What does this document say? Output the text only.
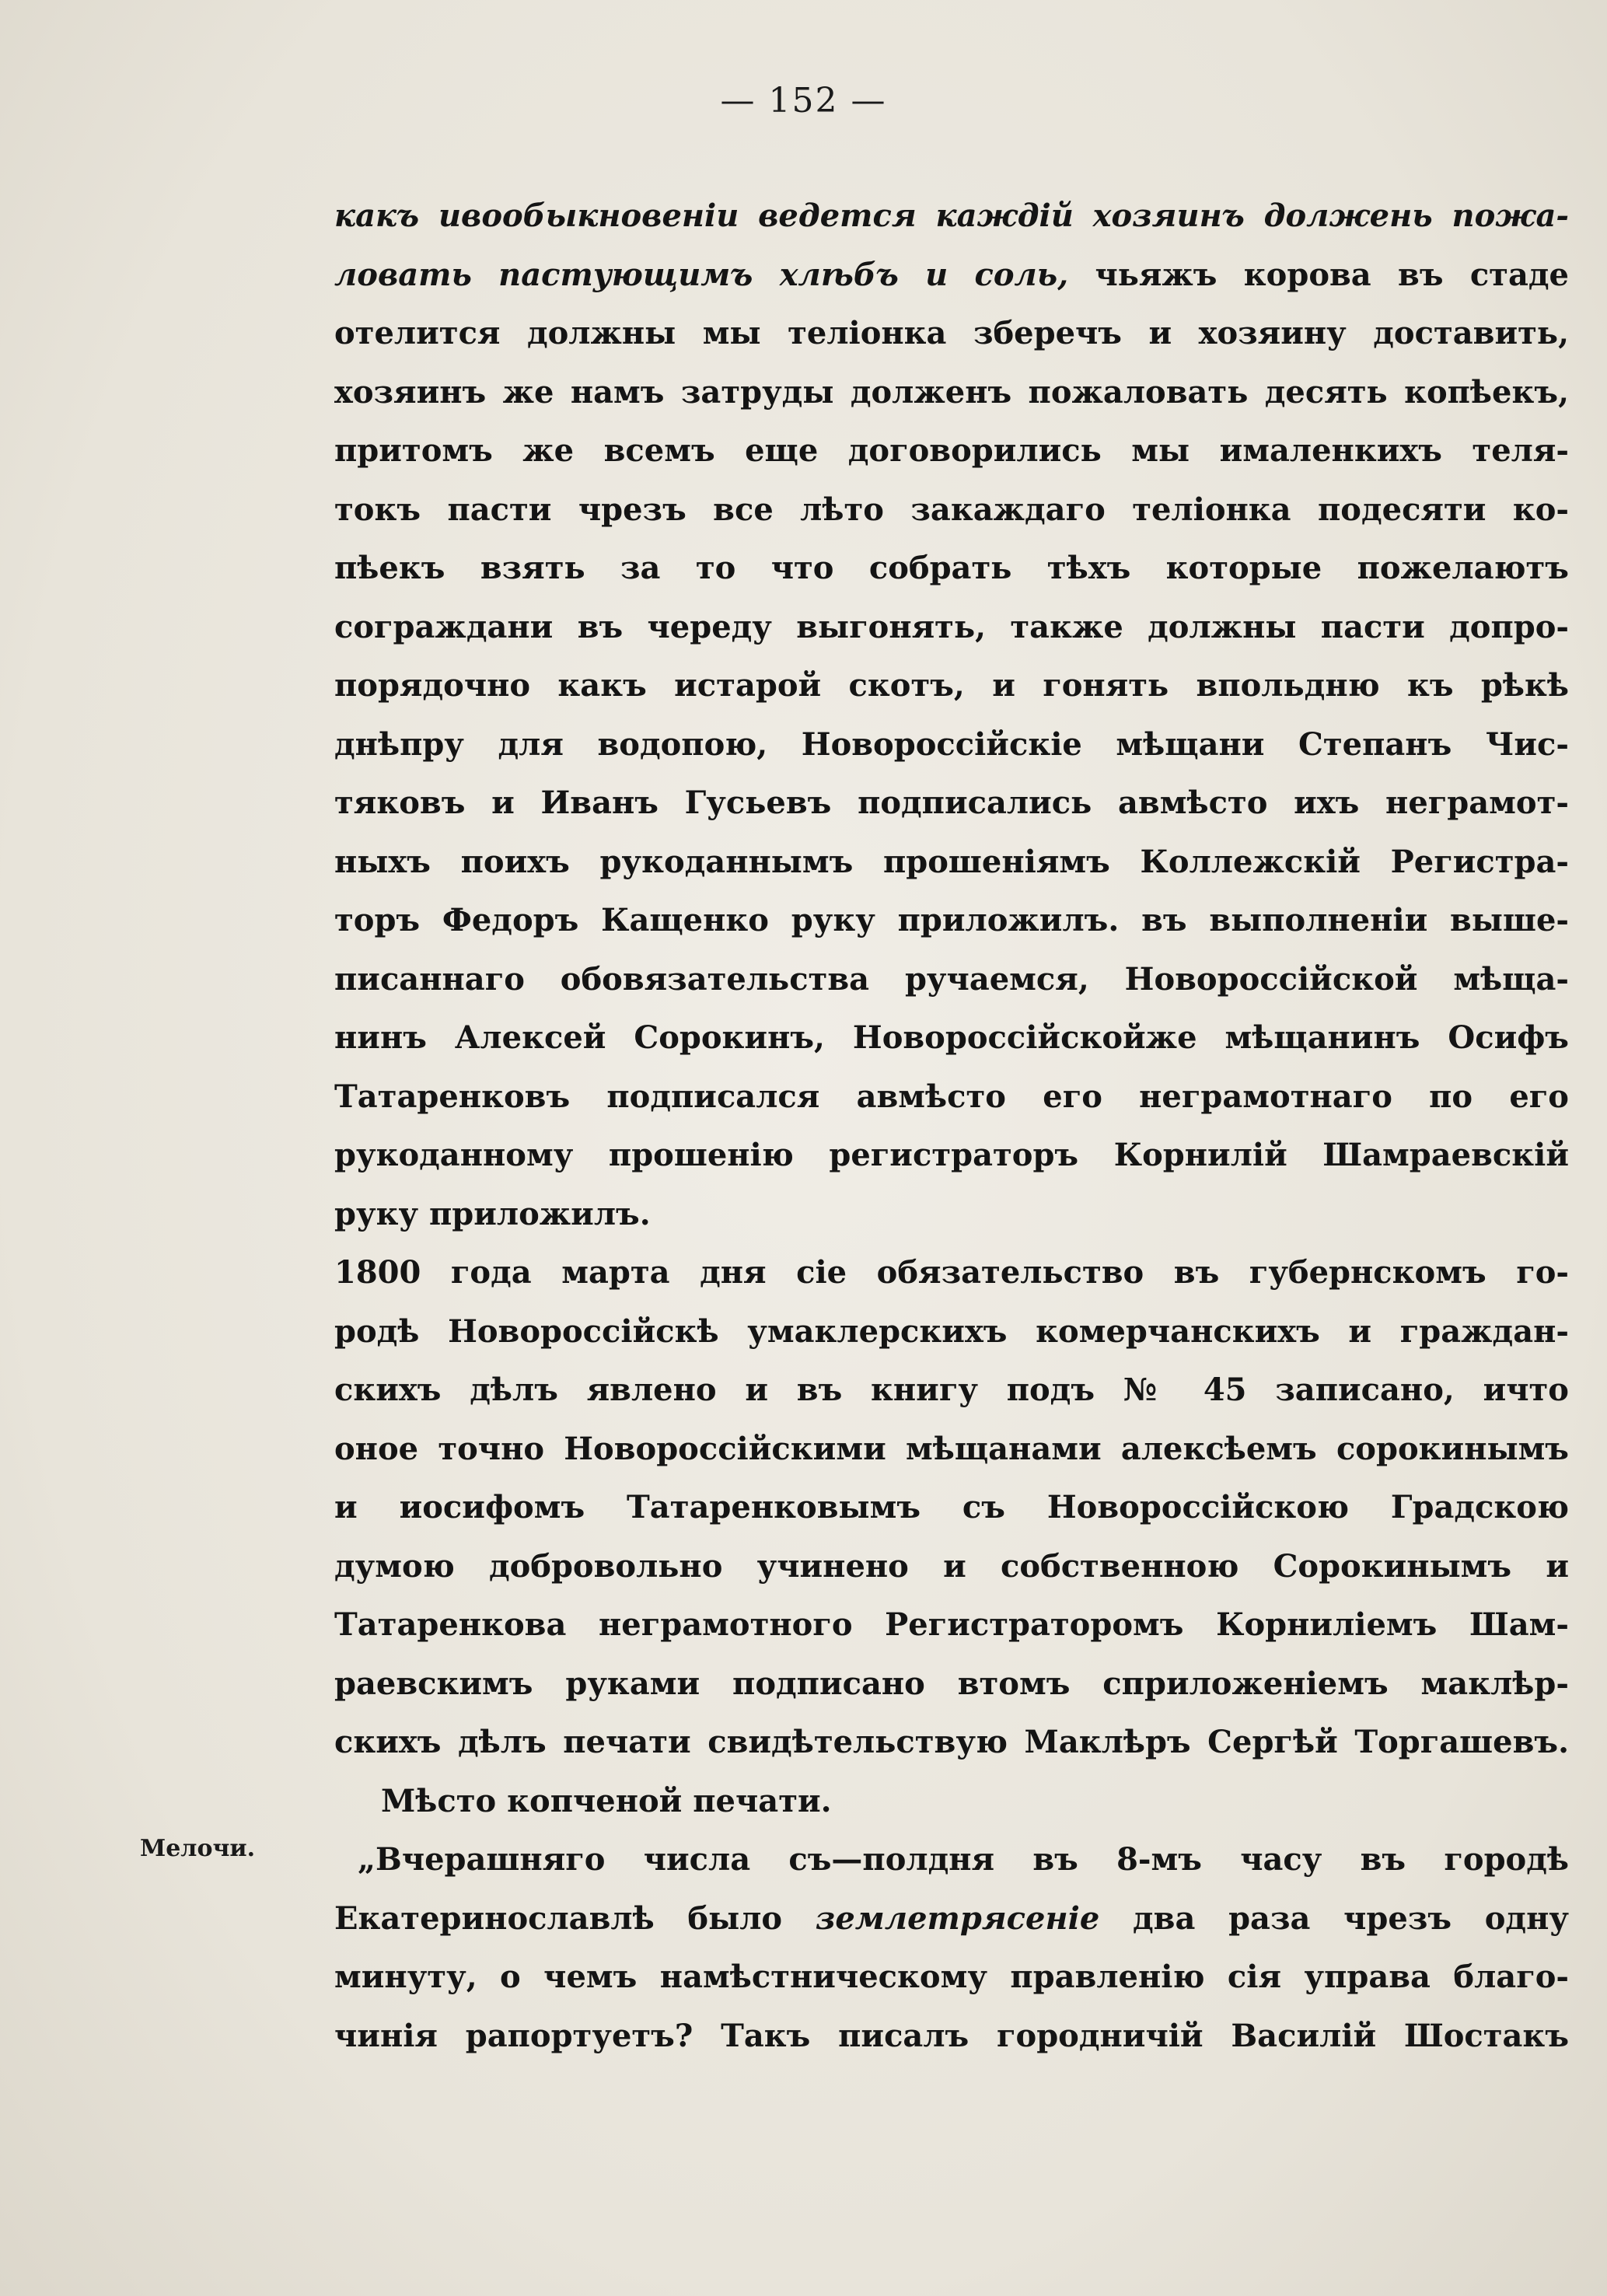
— 152 —
Мелочи.
какъ ивообыкновеніи ведется каждій хозяинъ должень пожа-
ловать пастующимъ хлѣбъ и соль, чьяжъ корова въ стаде
отелится должны мы теліонка збеpечъ и хозяину доставить,
хозяинъ же намъ затруды долженъ пожаловать десять копѣекъ,
притомъ же всемъ еще договорились мы ималенкихъ теля-
токъ пасти чрезъ все лѣто закаждаго теліонка подесяти ко-
пѣекъ взять за то что собрать тѣхъ которые пожелаютъ
сограждани въ череду выгонять, также должны пасти допро-
порядочно какъ истарой скотъ, и гонять впольдню къ рѣкѣ
днѣпру для водопою, Новороссійскіе мѣщани Степанъ Чис-
тяковъ и Иванъ Гусьевъ подписались авмѣсто ихъ неграмот-
ныхъ поихъ рукоданнымъ прошеніямъ Коллежскій Регистра-
торъ Федоръ Кащенко руку приложилъ. въ выполнeніи выше-
писаннаго обовязательства ручаемся, Новороссійской мѣща-
нинъ Алексей Сорокинъ, Новороссійскойже мѣщанинъ Осифъ
Татаренковъ подписался авмѣсто его неграмотнаго по его
рукоданному прошенію регистраторъ Корнилій Шамраевскій
руку приложилъ.
1800 года марта дня сіе обязательство въ губернскомъ го-
родѣ Новороссійскѣ умаклерскихъ комерчанскихъ и граждан-
скихъ дѣлъ явлено и въ книгу подъ № 45 записано, ичто
оное точно Новороссійскими мѣщанами алексѣемъ сорокинымъ
и иосифомъ Татаренковымъ съ Новороссійскою Градскою
думою добровольно учинено и собственною Сорокинымъ и
Татаренкова неграмотного Регистраторомъ Корниліемъ Шам-
раевскимъ руками подписано втомъ сприложеніемъ маклѣр-
скихъ дѣлъ печати свидѣтельствую Маклѣръ Сергѣй Торгашевъ.
Мѣсто копченой печати.
„Вчерашняго числа съ—полдня въ 8-мъ часу въ городѣ
Екатеринославлѣ было землетрясеніе два раза чрезъ одну
минуту, о чемъ намѣстническому правленію сія управа благо-
чинія рапортуетъ? Такъ писалъ городничій Василій Шостакъ
